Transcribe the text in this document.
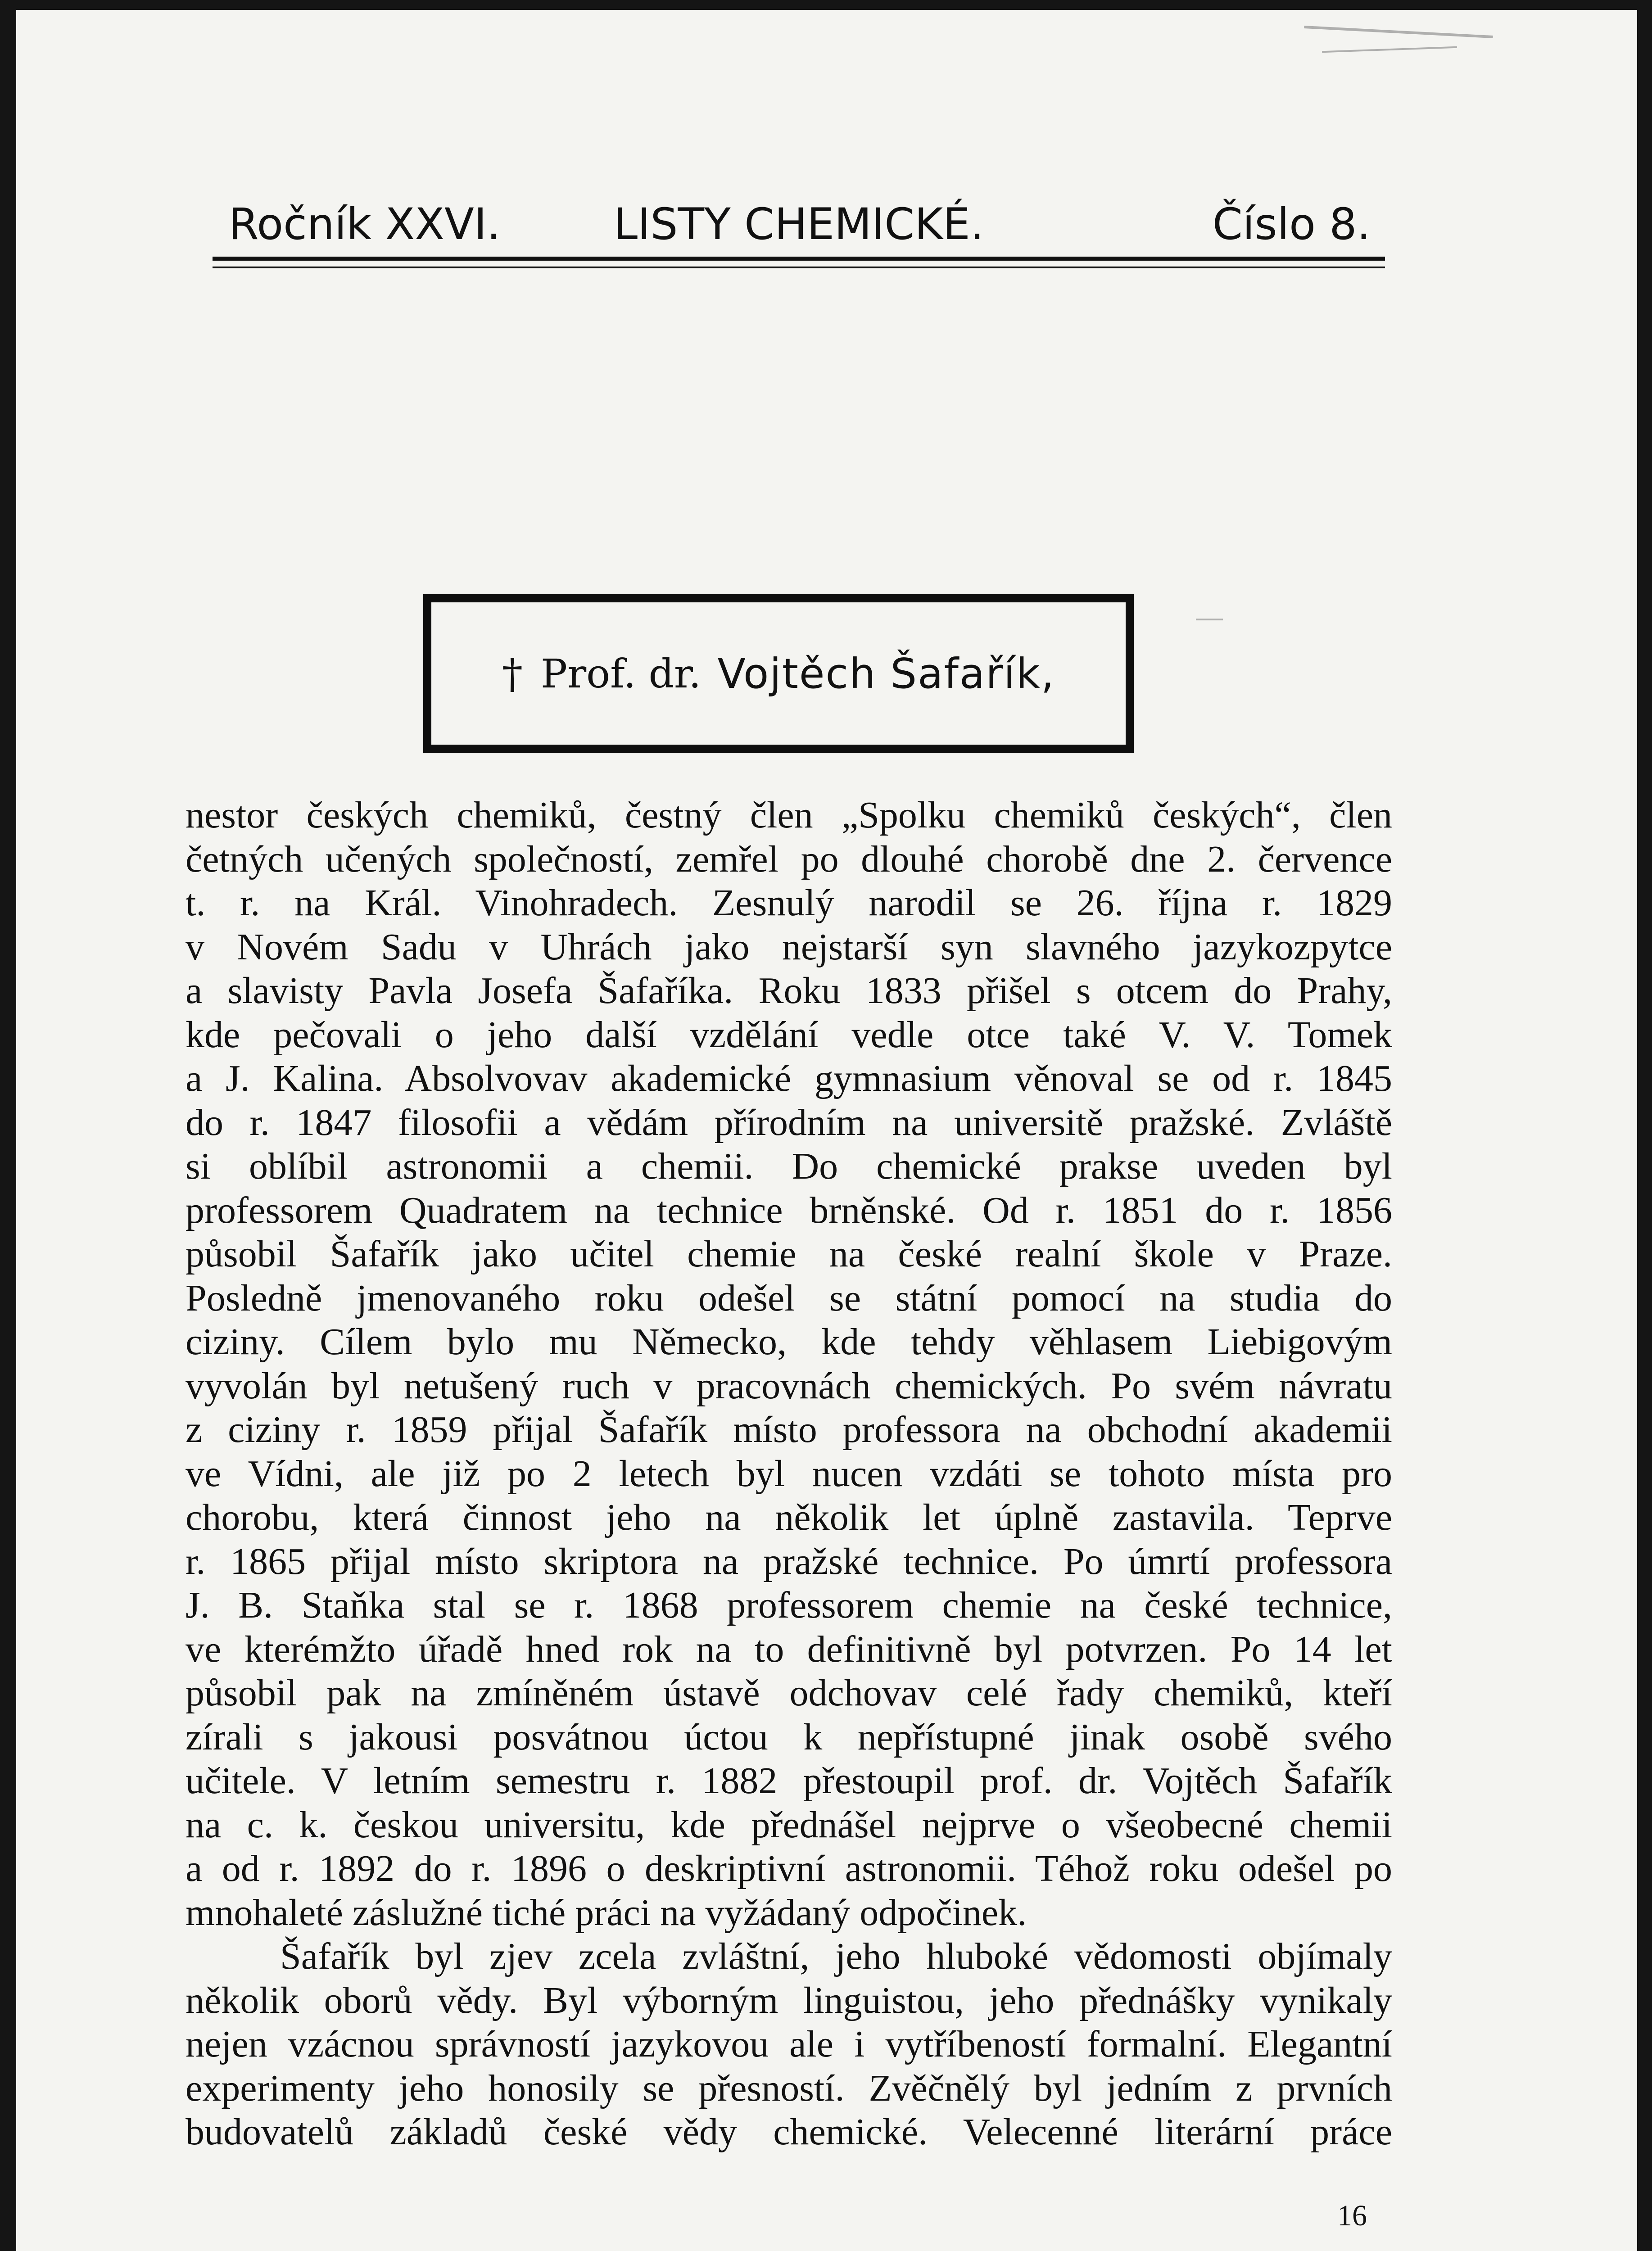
Ročník XXVI.	LISTY CHEMICKÉ.	Číslo 8.
† Prof. dr. Vojtěch Šafařík,
nestor českých chemiků, čestný člen „Spolku chemiků českých“, člen
četných učených společností, zemřel po dlouhé chorobě dne 2. července
t. r. na Král. Vinohradech. Zesnulý narodil se 26. října r. 1829
v Novém Sadu v Uhrách jako nejstarší syn slavného jazykozpytce
a slavisty Pavla Josefa Šafaříka. Roku 1833 přišel s otcem do Prahy,
kde pečovali o jeho další vzdělání vedle otce také V. V. Tomek
a J. Kalina. Absolvovav akademické gymnasium věnoval se od r. 1845
do r. 1847 filosofii a vědám přírodním na universitě pražské. Zvláště
si oblíbil astronomii a chemii. Do chemické prakse uveden byl
professorem Quadratem na technice brněnské. Od r. 1851 do r. 1856
působil Šafařík jako učitel chemie na české realní škole v Praze.
Posledně jmenovaného roku odešel se státní pomocí na studia do
ciziny. Cílem bylo mu Německo, kde tehdy věhlasem Liebigovým
vyvolán byl netušený ruch v pracovnách chemických. Po svém návratu
z ciziny r. 1859 přijal Šafařík místo professora na obchodní akademii
ve Vídni, ale již po 2 letech byl nucen vzdáti se tohoto místa pro
chorobu, která činnost jeho na několik let úplně zastavila. Teprve
r. 1865 přijal místo skriptora na pražské technice. Po úmrtí professora
J. B. Staňka stal se r. 1868 professorem chemie na české technice,
ve kterémžto úřadě hned rok na to definitivně byl potvrzen. Po 14 let
působil pak na zmíněném ústavě odchovav celé řady chemiků, kteří
zírali s jakousi posvátnou úctou k nepřístupné jinak osobě svého
učitele. V letním semestru r. 1882 přestoupil prof. dr. Vojtěch Šafařík
na c. k. českou universitu, kde přednášel nejprve o všeobecné chemii
a od r. 1892 do r. 1896 o deskriptivní astronomii. Téhož roku odešel po
mnohaleté záslužné tiché práci na vyžádaný odpočinek.
Šafařík byl zjev zcela zvláštní, jeho hluboké vědomosti objímaly
několik oborů vědy. Byl výborným linguistou, jeho přednášky vynikaly
nejen vzácnou správností jazykovou ale i vytříbeností formalní. Elegantní
experimenty jeho honosily se přesností. Zvěčnělý byl jedním z prvních
budovatelů základů české vědy chemické. Velecenné literární práce
16
